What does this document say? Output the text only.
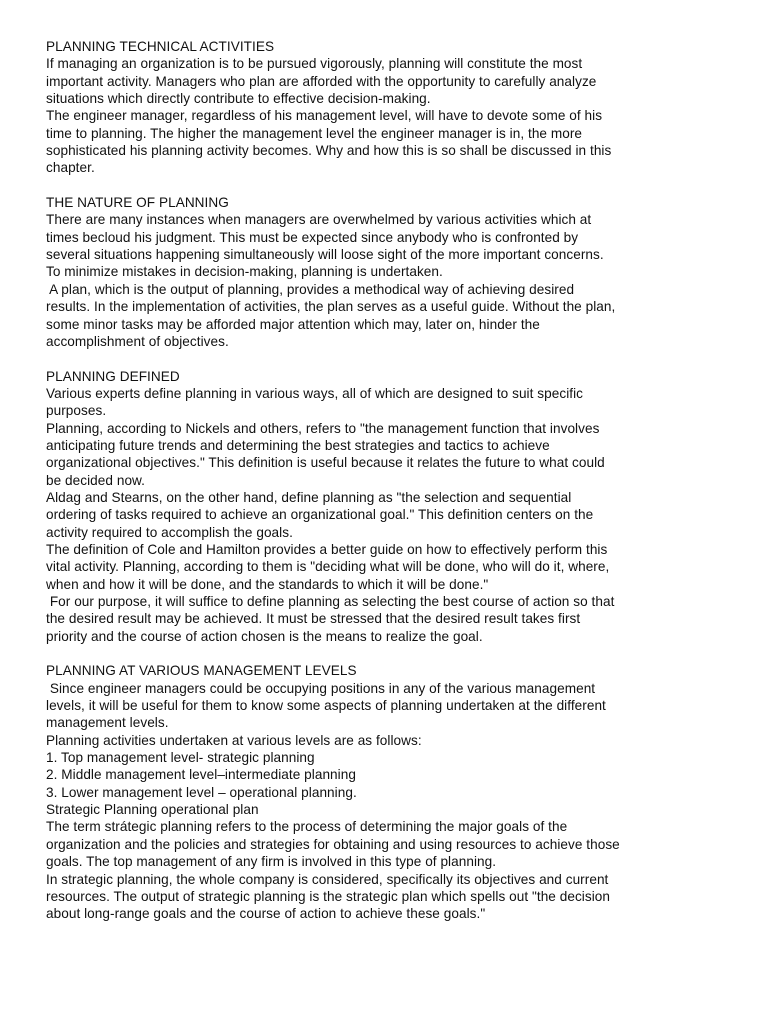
PLANNING TECHNICAL ACTIVITIES
If managing an organization is to be pursued vigorously, planning will constitute the most
important activity. Managers who plan are afforded with the opportunity to carefully analyze
situations which directly contribute to effective decision-making.
The engineer manager, regardless of his management level, will have to devote some of his
time to planning. The higher the management level the engineer manager is in, the more
sophisticated his planning activity becomes. Why and how this is so shall be discussed in this
chapter.
THE NATURE OF PLANNING
There are many instances when managers are overwhelmed by various activities which at
times becloud his judgment. This must be expected since anybody who is confronted by
several situations happening simultaneously will loose sight of the more important concerns.
To minimize mistakes in decision-making, planning is undertaken.
A plan, which is the output of planning, provides a methodical way of achieving desired
results. In the implementation of activities, the plan serves as a useful guide. Without the plan,
some minor tasks may be afforded major attention which may, later on, hinder the
accomplishment of objectives.
PLANNING DEFINED
Various experts define planning in various ways, all of which are designed to suit specific
purposes.
Planning, according to Nickels and others, refers to "the management function that involves
anticipating future trends and determining the best strategies and tactics to achieve
organizational objectives." This definition is useful because it relates the future to what could
be decided now.
Aldag and Stearns, on the other hand, define planning as "the selection and sequential
ordering of tasks required to achieve an organizational goal." This definition centers on the
activity required to accomplish the goals.
The definition of Cole and Hamilton provides a better guide on how to effectively perform this
vital activity. Planning, according to them is "deciding what will be done, who will do it, where,
when and how it will be done, and the standards to which it will be done."
For our purpose, it will suffice to define planning as selecting the best course of action so that
the desired result may be achieved. It must be stressed that the desired result takes first
priority and the course of action chosen is the means to realize the goal.
PLANNING AT VARIOUS MANAGEMENT LEVELS
Since engineer managers could be occupying positions in any of the various management
levels, it will be useful for them to know some aspects of planning undertaken at the different
management levels.
Planning activities undertaken at various levels are as follows:
1. Top management level- strategic planning
2. Middle management level–intermediate planning
3. Lower management level – operational planning.
Strategic Planning operational plan
The term strátegic planning refers to the process of determining the major goals of the
organization and the policies and strategies for obtaining and using resources to achieve those
goals. The top management of any firm is involved in this type of planning.
In strategic planning, the whole company is considered, specifically its objectives and current
resources. The output of strategic planning is the strategic plan which spells out "the decision
about long-range goals and the course of action to achieve these goals."
